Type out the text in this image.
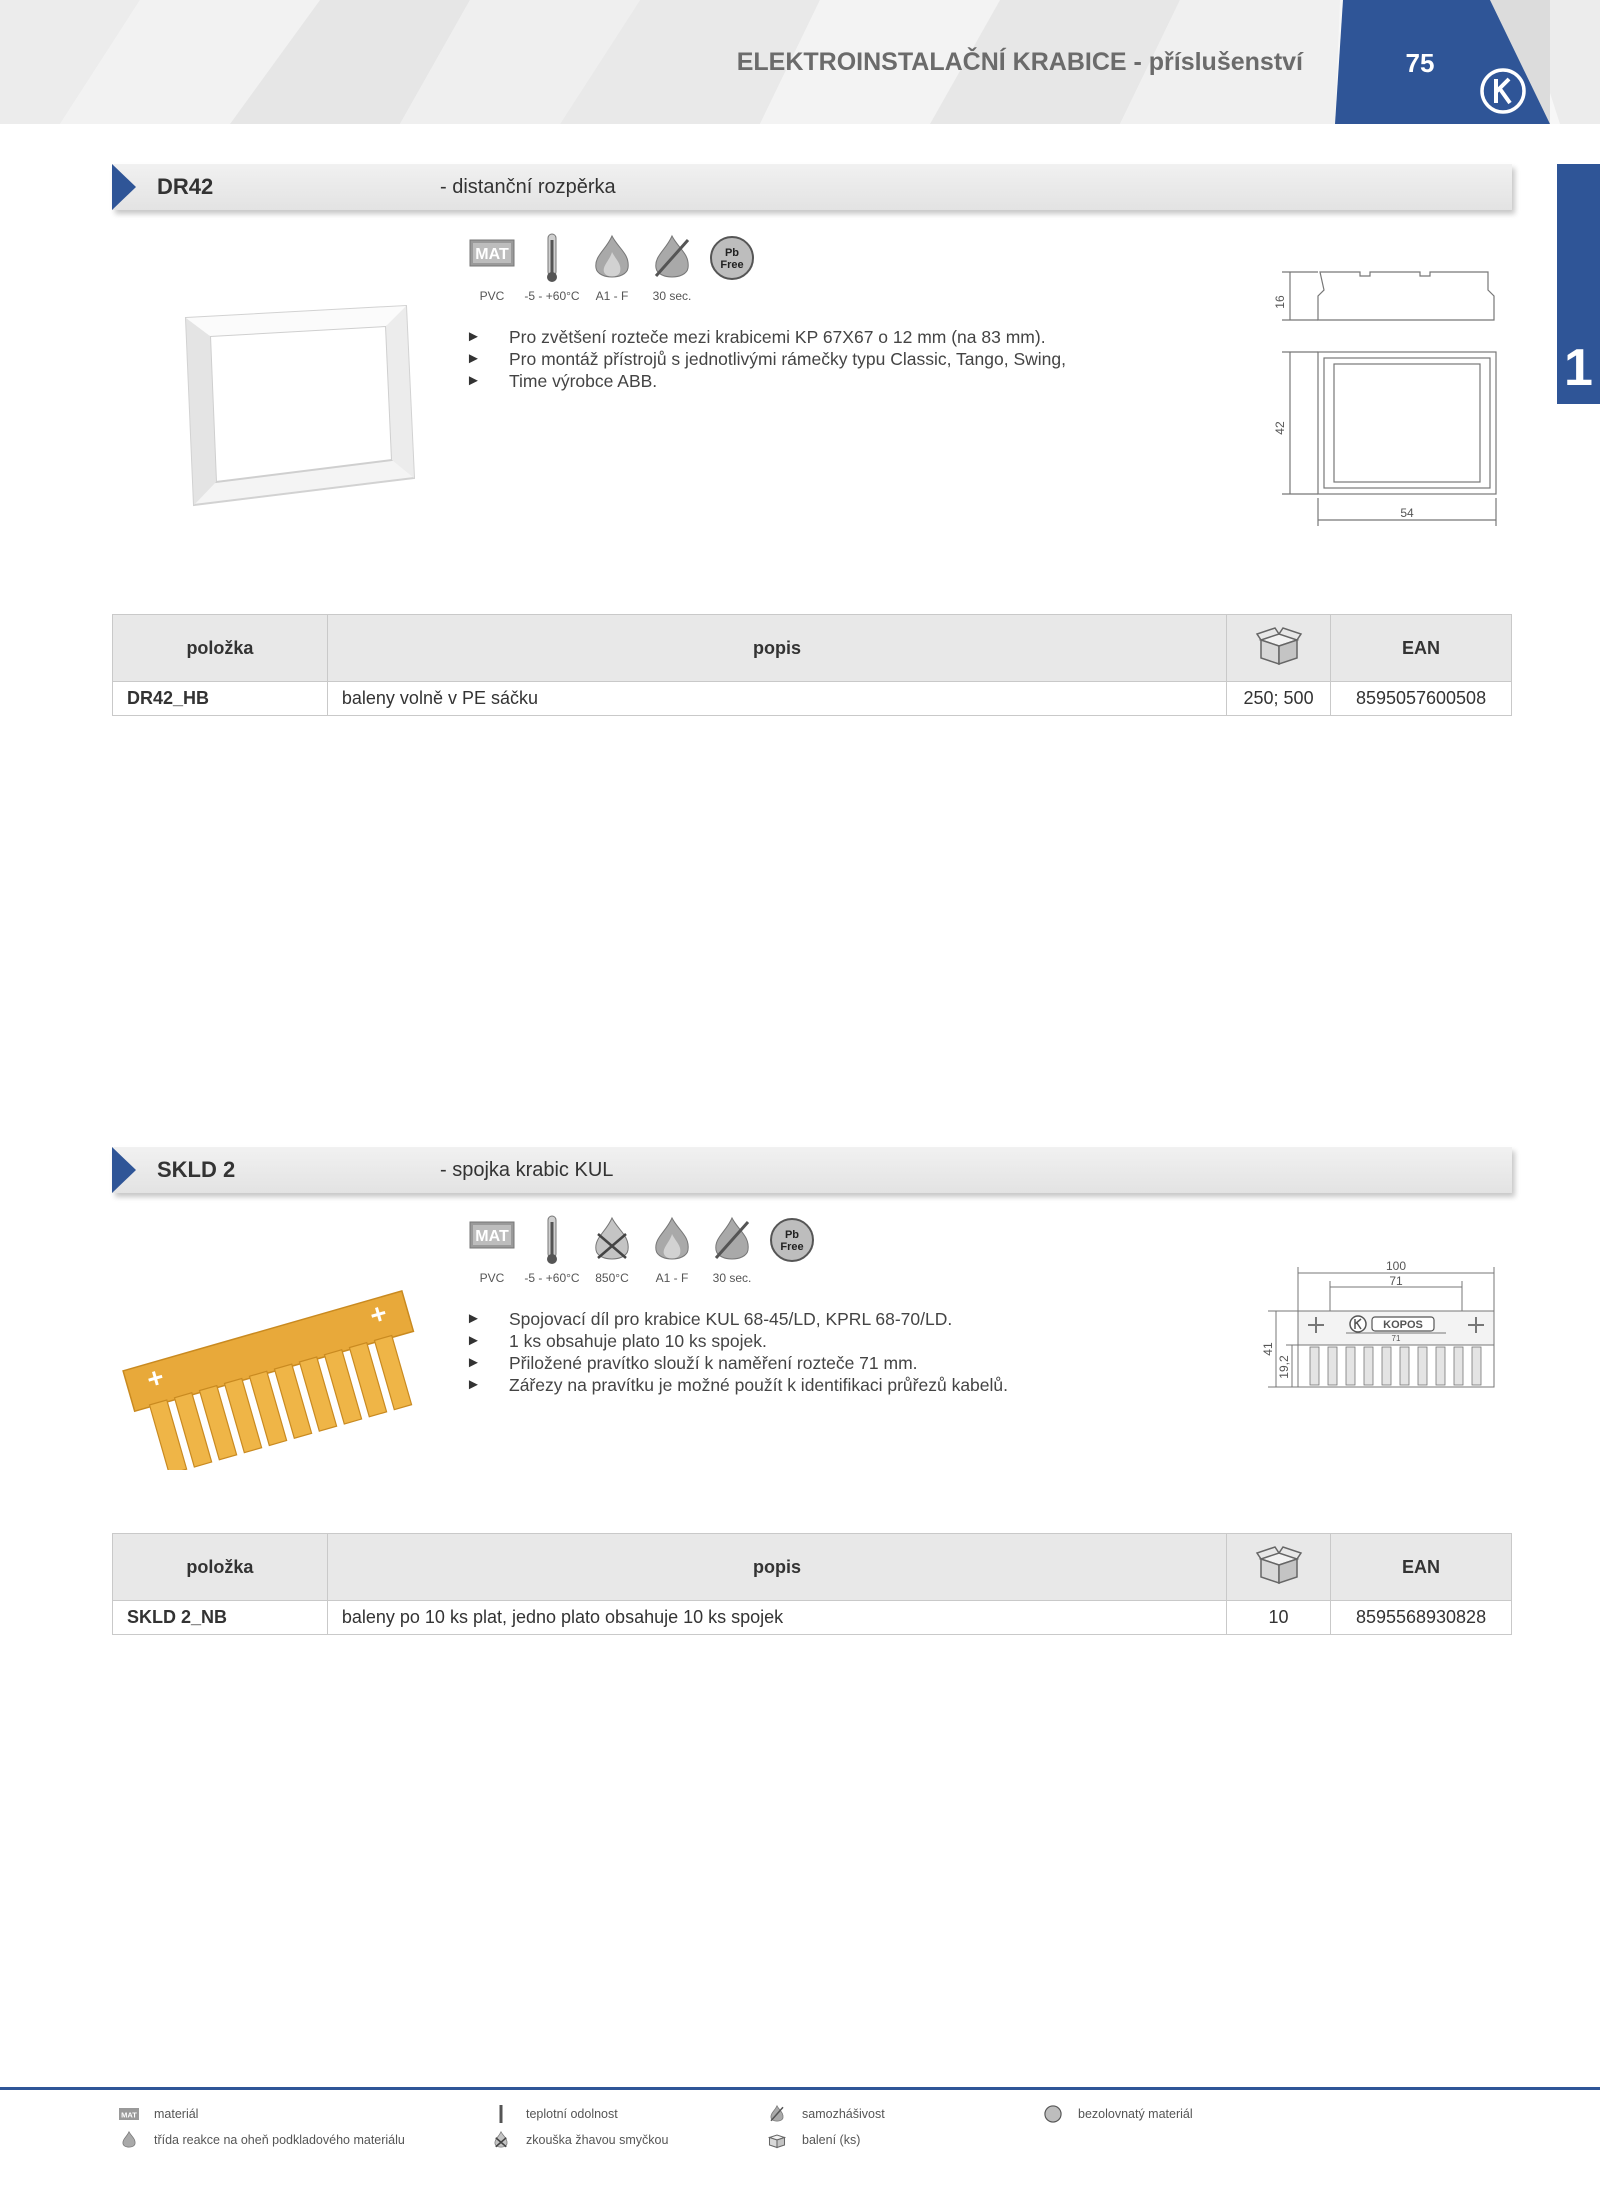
ELEKTROINSTALAČNÍ KRABICE - příslušenství	75
1
DR42	- distanční rozpěrka
MAT
PVC	-5 - +60°C	A1 - F	30 sec.
Pb
Free
► Pro zvětšení rozteče mezi krabicemi KP 67X67 o 12 mm (na 83 mm).
► Pro montáž přístrojů s jednotlivými rámečky typu Classic, Tango, Swing,
► Time výrobce ABB.
16
42
54
položka	popis		EAN
DR42_HB	baleny volně v PE sáčku	250; 500	8595057600508
SKLD 2	- spojka krabic KUL
MAT
PVC	-5 - +60°C	850°C	A1 - F	30 sec.
Pb
Free
► Spojovací díl pro krabice KUL 68-45/LD, KPRL 68-70/LD.
► 1 ks obsahuje plato 10 ks spojek.
► Přiložené pravítko slouží k naměření rozteče 71 mm.
► Zářezy na pravítku je možné použít k identifikaci průřezů kabelů.
KOPOS
100
71
71
41
19,2
položka	popis		EAN
SKLD 2_NB	baleny po 10 ks plat, jedno plato obsahuje 10 ks spojek	10	8595568930828
MAT materiál
třída reakce na oheň podkladového materiálu
teplotní odolnost
zkouška žhavou smyčkou
samozhášivost
balení (ks)
bezolovnatý materiál
